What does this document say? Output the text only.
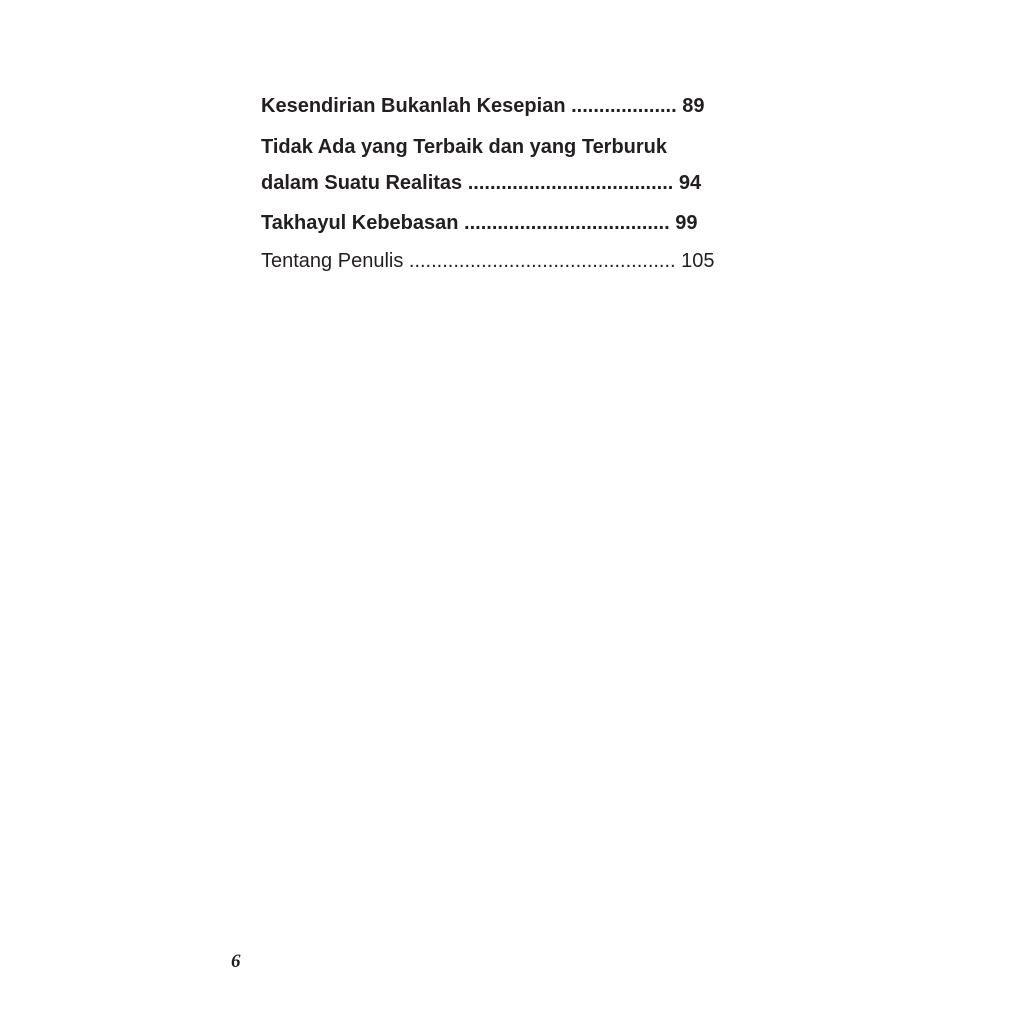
Kesendirian Bukanlah Kesepian ................... 89
Tidak Ada yang Terbaik dan yang Terburuk
dalam Suatu Realitas ..................................... 94
Takhayul Kebebasan ..................................... 99
Tentang Penulis ................................................ 105
6
